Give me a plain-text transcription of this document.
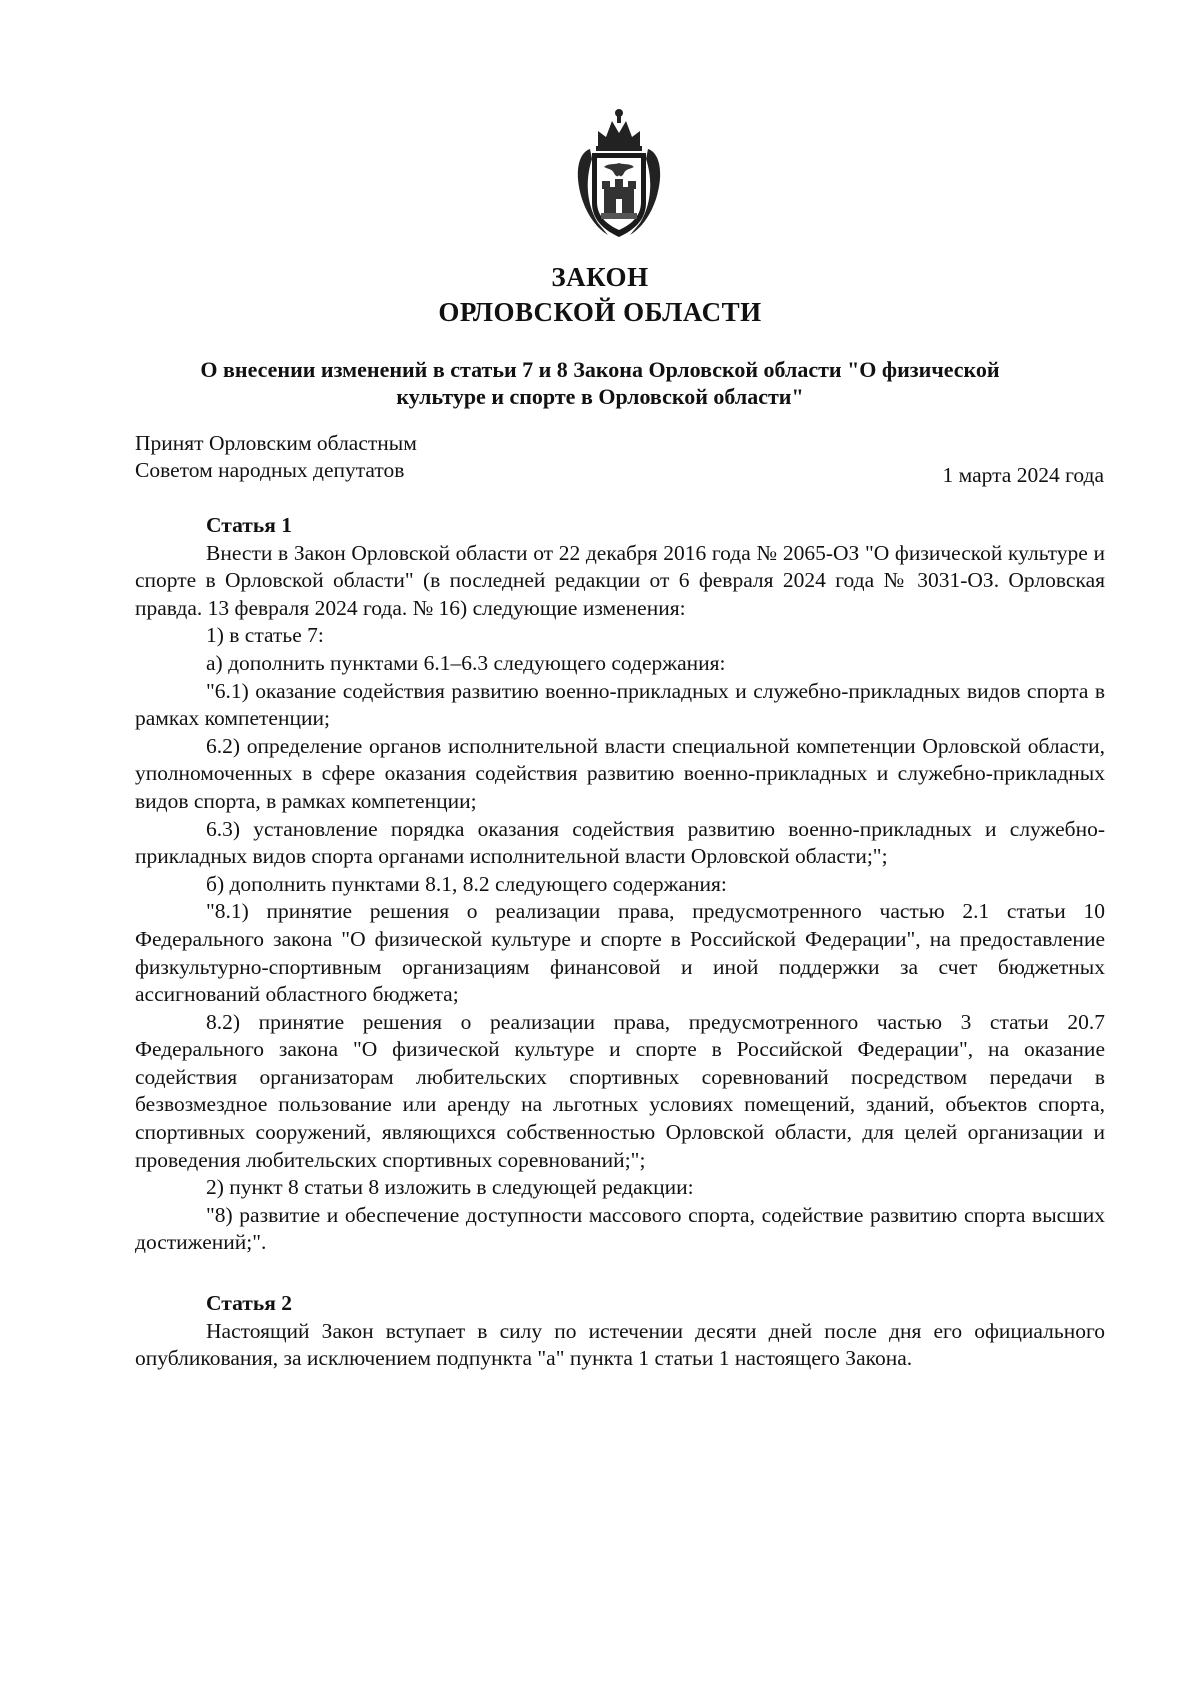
ЗАКОН
ОРЛОВСКОЙ ОБЛАСТИ
О внесении изменений в статьи 7 и 8 Закона Орловской области "О физической культуре и спорте в Орловской области"
Принят Орловским областным
Советом народных депутатов	1 марта 2024 года
Статья 1

Внести в Закон Орловской области от 22 декабря 2016 года № 2065-ОЗ "О физической культуре и спорте в Орловской области" (в последней редакции от 6 февраля 2024 года № 3031-ОЗ. Орловская правда. 13 февраля 2024 года. № 16) следующие изменения:

1) в статье 7:

а) дополнить пунктами 6.1–6.3 следующего содержания:

"6.1) оказание содействия развитию военно-прикладных и служебно-прикладных видов спорта в рамках компетенции;

6.2) определение органов исполнительной власти специальной компетенции Орловской области, уполномоченных в сфере оказания содействия развитию военно-прикладных и служебно-прикладных видов спорта, в рамках компетенции;

6.3) установление порядка оказания содействия развитию военно-прикладных и служебно-прикладных видов спорта органами исполнительной власти Орловской области;";

б) дополнить пунктами 8.1, 8.2 следующего содержания:

"8.1) принятие решения о реализации права, предусмотренного частью 2.1 статьи 10 Федерального закона "О физической культуре и спорте в Российской Федерации", на предоставление физкультурно-спортивным организациям финансовой и иной поддержки за счет бюджетных ассигнований областного бюджета;

8.2) принятие решения о реализации права, предусмотренного частью 3 статьи 20.7 Федерального закона "О физической культуре и спорте в Российской Федерации", на оказание содействия организаторам любительских спортивных соревнований посредством передачи в безвозмездное пользование или аренду на льготных условиях помещений, зданий, объектов спорта, спортивных сооружений, являющихся собственностью Орловской области, для целей организации и проведения любительских спортивных соревнований;";

2) пункт 8 статьи 8 изложить в следующей редакции:

"8) развитие и обеспечение доступности массового спорта, содействие развитию спорта высших достижений;".

Статья 2

Настоящий Закон вступает в силу по истечении десяти дней после дня его официального опубликования, за исключением подпункта "а" пункта 1 статьи 1 настоящего Закона.
